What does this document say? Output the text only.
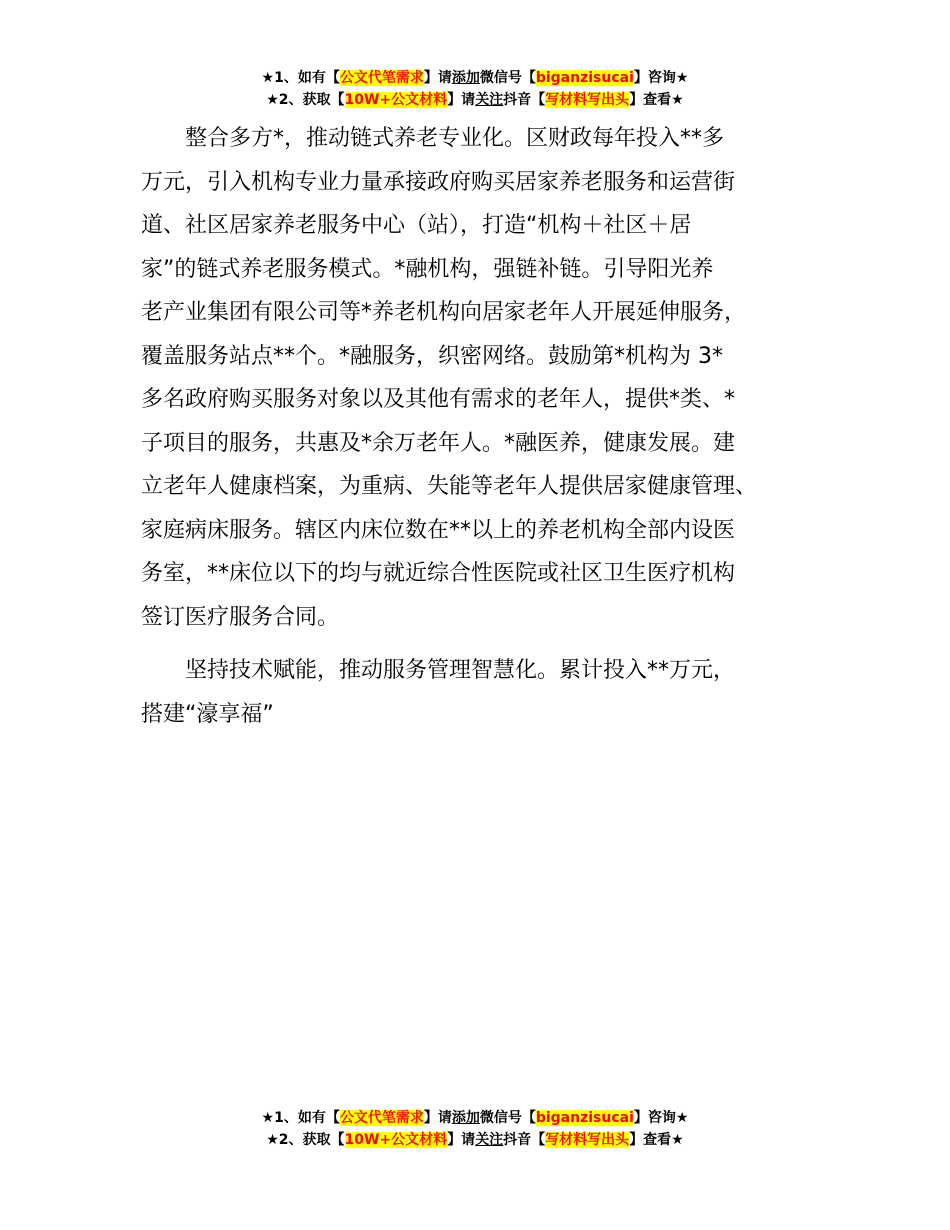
★1、如有【公文代笔需求】请添加微信号【biganzisucai】咨询★
★2、获取【10W+公文材料】请关注抖音【写材料写出头】查看★
　　整合多方*，推动链式养老专业化。区财政每年投入**多
万元，引入机构专业力量承接政府购买居家养老服务和运营街
道、社区居家养老服务中心（站），打造“机构＋社区＋居
家”的链式养老服务模式。*融机构，强链补链。引导阳光养
老产业集团有限公司等*养老机构向居家老年人开展延伸服务，
覆盖服务站点**个。*融服务，织密网络。鼓励第*机构为 3*
多名政府购买服务对象以及其他有需求的老年人，提供*类、*
子项目的服务，共惠及*余万老年人。*融医养，健康发展。建
立老年人健康档案，为重病、失能等老年人提供居家健康管理、
家庭病床服务。辖区内床位数在**以上的养老机构全部内设医
务室，**床位以下的均与就近综合性医院或社区卫生医疗机构
签订医疗服务合同。
　　坚持技术赋能，推动服务管理智慧化。累计投入**万元，
搭建“濠享福”
★1、如有【公文代笔需求】请添加微信号【biganzisucai】咨询★
★2、获取【10W+公文材料】请关注抖音【写材料写出头】查看★
